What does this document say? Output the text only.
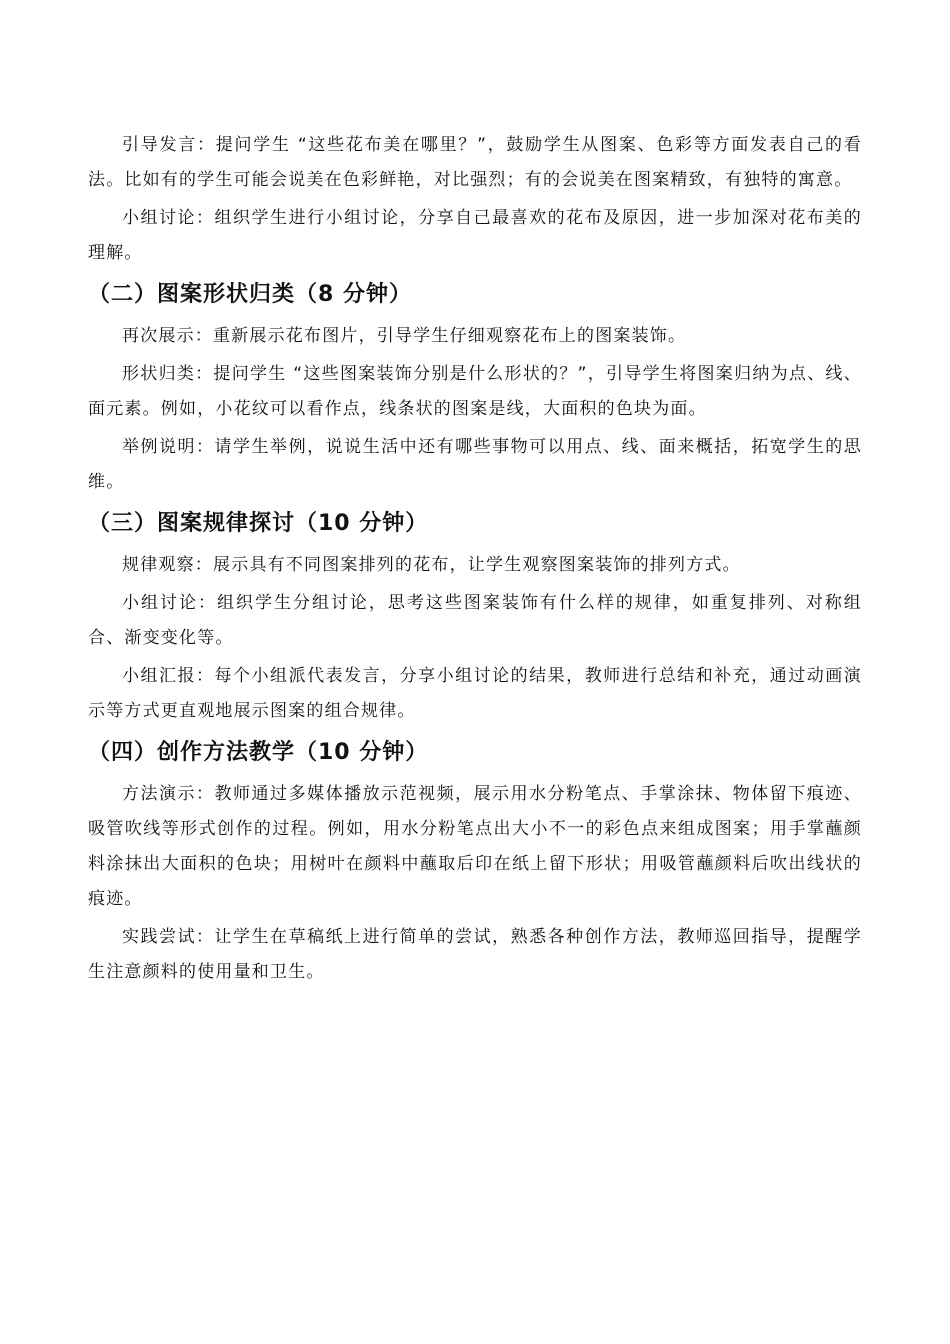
引导发言：提问学生 “这些花布美在哪里？”，鼓励学生从图案、色彩等方面发表自己的看法。比如有的学生可能会说美在色彩鲜艳，对比强烈；有的会说美在图案精致，有独特的寓意。

小组讨论：组织学生进行小组讨论，分享自己最喜欢的花布及原因，进一步加深对花布美的理解。

（二）图案形状归类（8 分钟）

再次展示：重新展示花布图片，引导学生仔细观察花布上的图案装饰。

形状归类：提问学生 “这些图案装饰分别是什么形状的？”，引导学生将图案归纳为点、线、面元素。例如，小花纹可以看作点，线条状的图案是线，大面积的色块为面。

举例说明：请学生举例，说说生活中还有哪些事物可以用点、线、面来概括，拓宽学生的思维。

（三）图案规律探讨（10 分钟）

规律观察：展示具有不同图案排列的花布，让学生观察图案装饰的排列方式。

小组讨论：组织学生分组讨论，思考这些图案装饰有什么样的规律，如重复排列、对称组合、渐变变化等。

小组汇报：每个小组派代表发言，分享小组讨论的结果，教师进行总结和补充，通过动画演示等方式更直观地展示图案的组合规律。

（四）创作方法教学（10 分钟）

方法演示：教师通过多媒体播放示范视频，展示用水分粉笔点、手掌涂抹、物体留下痕迹、吸管吹线等形式创作的过程。例如，用水分粉笔点出大小不一的彩色点来组成图案；用手掌蘸颜料涂抹出大面积的色块；用树叶在颜料中蘸取后印在纸上留下形状；用吸管蘸颜料后吹出线状的痕迹。

实践尝试：让学生在草稿纸上进行简单的尝试，熟悉各种创作方法，教师巡回指导，提醒学生注意颜料的使用量和卫生。
